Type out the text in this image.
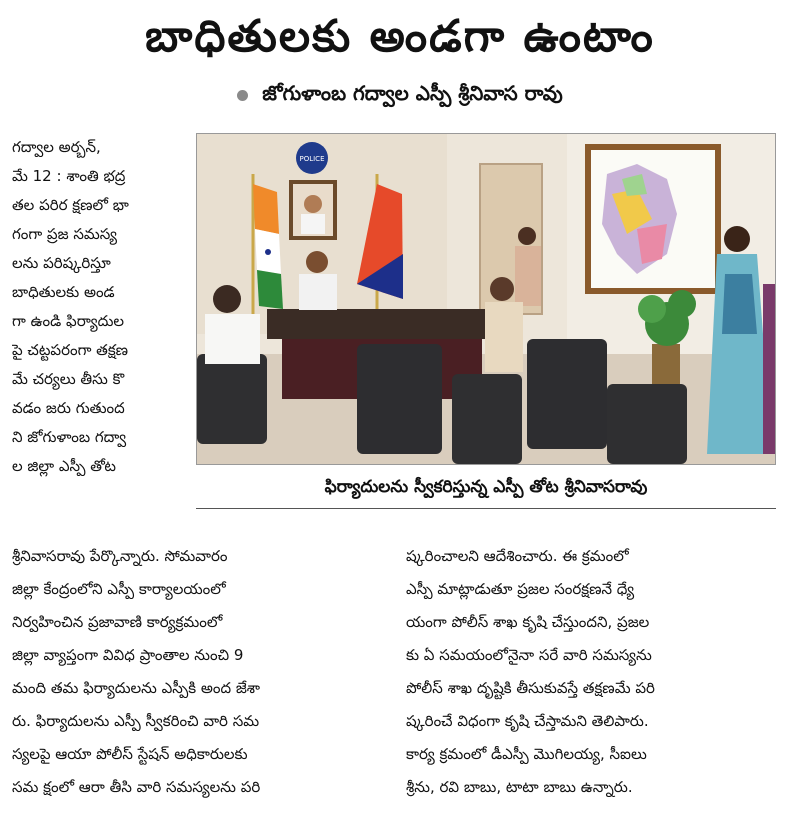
బాధితులకు అండగా ఉంటాం
జోగుళాంబ గద్వాల ఎస్పీ శ్రీనివాస రావు
గద్వాల అర్బన్,
మే 12 : శాంతి భద్ర
తల పరిర క్షణలో భా
గంగా ప్రజ సమస్య
లను పరిష్కరిస్తూ
బాధితులకు అండ
గా ఉండి ఫిర్యాదుల
పై చట్టపరంగా తక్షణ
మే చర్యలు తీసు కొ
వడం జరు గుతుంద
ని జోగుళాంబ గద్వా
ల జిల్లా ఎస్పీ తోట
POLICE
ఫిర్యాదులను స్వీకరిస్తున్న ఎస్పీ తోట శ్రీనివాసరావు
శ్రీనివాసరావు పేర్కొన్నారు. సోమవారం
జిల్లా కేంద్రంలోని ఎస్పీ కార్యాలయంలో
నిర్వహించిన ప్రజావాణి కార్యక్రమంలో
జిల్లా వ్యాప్తంగా వివిధ ప్రాంతాల నుంచి 9
మంది తమ ఫిర్యాదులను ఎస్పీకి అంద జేశా
రు. ఫిర్యాదులను ఎస్పీ స్వీకరించి వారి సమ
స్యలపై ఆయా పోలీస్ స్టేషన్ అధికారులకు
సమ క్షంలో ఆరా తీసి వారి సమస్యలను పరి
ష్కరించాలని ఆదేశించారు. ఈ క్రమంలో
ఎస్పీ మాట్లాడుతూ ప్రజల సంరక్షణనే ధ్యే
యంగా పోలీస్ శాఖ కృషి చేస్తుందని, ప్రజల
కు ఏ సమయంలోనైనా సరే వారి సమస్యను
పోలీస్ శాఖ దృష్టికి తీసుకువస్తే తక్షణమే పరి
ష్కరించే విధంగా కృషి చేస్తామని తెలిపారు.
కార్య క్రమంలో డీఎస్పీ మొగిలయ్య, సీఐలు
శ్రీను, రవి బాబు, టాటా బాబు ఉన్నారు.
